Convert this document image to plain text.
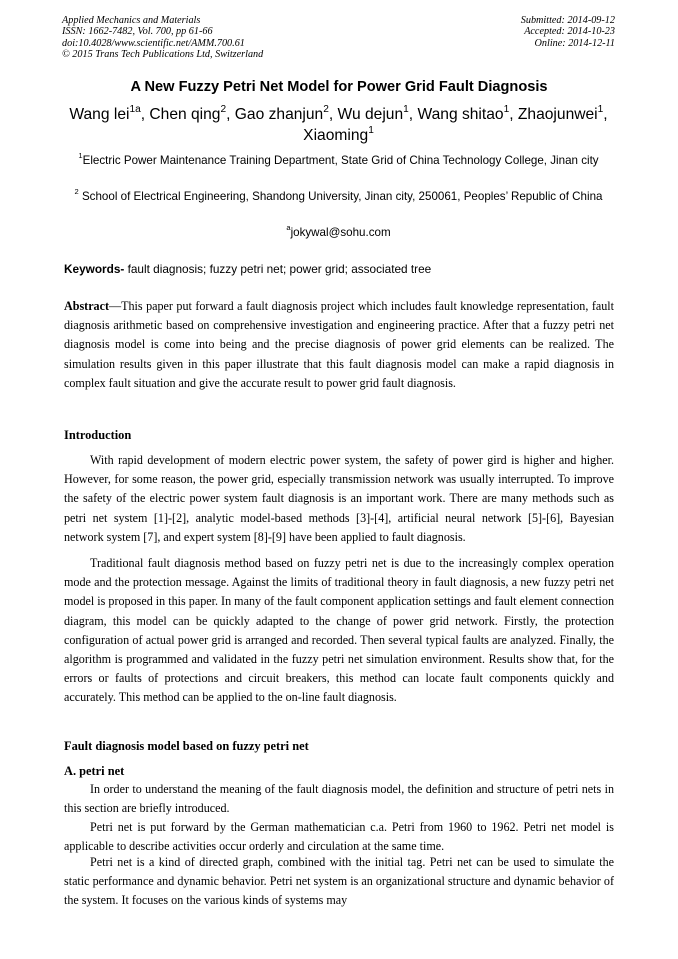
Applied Mechanics and Materials
ISSN: 1662-7482, Vol. 700, pp 61-66
doi:10.4028/www.scientific.net/AMM.700.61
© 2015 Trans Tech Publications Ltd, Switzerland
Submitted: 2014-09-12
Accepted: 2014-10-23
Online: 2014-12-11
A New Fuzzy Petri Net Model for Power Grid Fault Diagnosis
Wang lei$^{1a}$, Chen qing$^2$, Gao zhanjun$^2$, Wu dejun$^1$, Wang shitao$^1$, Zhaojunwei$^1$,
Xiaoming$^1$
$^1$Electric Power Maintenance Training Department, State Grid of China Technology College, Jinan city
$^2$ School of Electrical Engineering, Shandong University, Jinan city, 250061, Peoples’ Republic of China
$^a$jokywal@sohu.com
Keywords- fault diagnosis; fuzzy petri net; power grid; associated tree
Abstract—This paper put forward a fault diagnosis project which includes fault knowledge representation, fault diagnosis arithmetic based on comprehensive investigation and engineering practice. After that a fuzzy petri net diagnosis model is come into being and the precise diagnosis of power grid elements can be realized. The simulation results given in this paper illustrate that this fault diagnosis model can make a rapid diagnosis in complex fault situation and give the accurate result to power grid fault diagnosis.
Introduction
With rapid development of modern electric power system, the safety of power gird is higher and higher. However, for some reason, the power grid, especially transmission network was usually interrupted. To improve the safety of the electric power system fault diagnosis is an important work. There are many methods such as petri net system [1]-[2], analytic model-based methods [3]-[4], artificial neural network [5]-[6], Bayesian network system [7], and expert system [8]-[9] have been applied to fault diagnosis.
Traditional fault diagnosis method based on fuzzy petri net is due to the increasingly complex operation mode and the protection message. Against the limits of traditional theory in fault diagnosis, a new fuzzy petri net model is proposed in this paper. In many of the fault component application settings and fault element connection diagram, this model can be quickly adapted to the change of power grid network. Firstly, the protection configuration of actual power grid is arranged and recorded. Then several typical faults are analyzed. Finally, the algorithm is programmed and validated in the fuzzy petri net simulation environment. Results show that, for the errors or faults of protections and circuit breakers, this method can locate fault components quickly and accurately. This method can be applied to the on-line fault diagnosis.
Fault diagnosis model based on fuzzy petri net
A. petri net
In order to understand the meaning of the fault diagnosis model, the definition and structure of petri nets in this section are briefly introduced.
Petri net is put forward by the German mathematician c.a. Petri from 1960 to 1962. Petri net model is applicable to describe activities occur orderly and circulation at the same time.
Petri net is a kind of directed graph, combined with the initial tag. Petri net can be used to simulate the static performance and dynamic behavior. Petri net system is an organizational structure and dynamic behavior of the system. It focuses on the various kinds of systems may
